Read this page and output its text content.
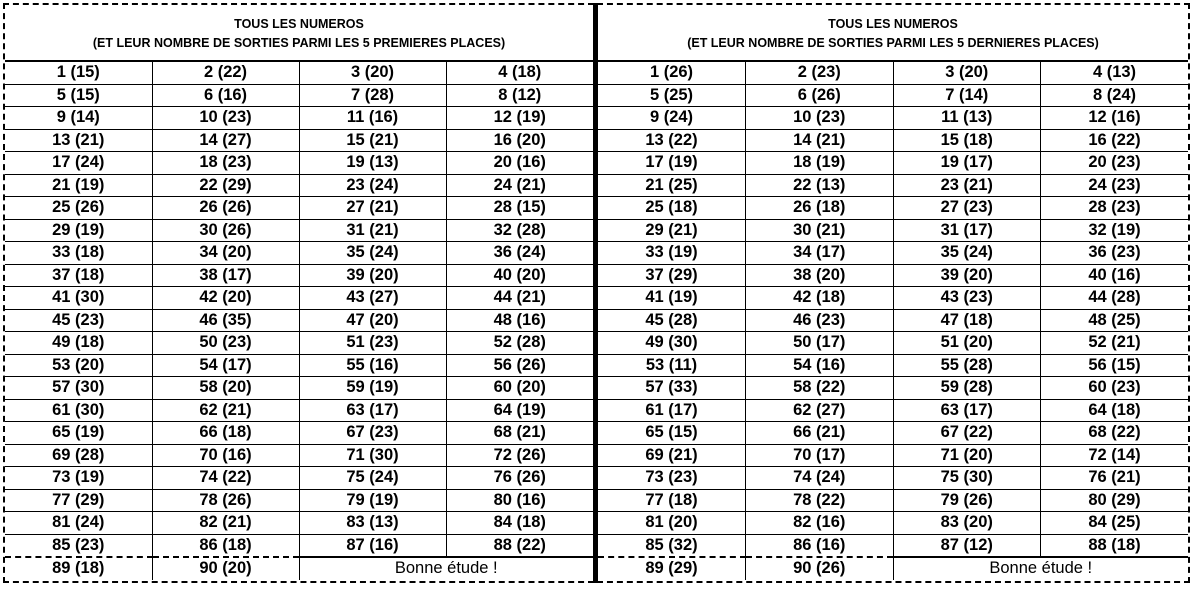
TOUS LES NUMEROS
(ET LEUR NOMBRE DE SORTIES PARMI LES 5 PREMIERES PLACES)
1 (15)	2 (22)	3 (20)	4 (18)
5 (15)	6 (16)	7 (28)	8 (12)
9 (14)	10 (23)	11 (16)	12 (19)
13 (21)	14 (27)	15 (21)	16 (20)
17 (24)	18 (23)	19 (13)	20 (16)
21 (19)	22 (29)	23 (24)	24 (21)
25 (26)	26 (26)	27 (21)	28 (15)
29 (19)	30 (26)	31 (21)	32 (28)
33 (18)	34 (20)	35 (24)	36 (24)
37 (18)	38 (17)	39 (20)	40 (20)
41 (30)	42 (20)	43 (27)	44 (21)
45 (23)	46 (35)	47 (20)	48 (16)
49 (18)	50 (23)	51 (23)	52 (28)
53 (20)	54 (17)	55 (16)	56 (26)
57 (30)	58 (20)	59 (19)	60 (20)
61 (30)	62 (21)	63 (17)	64 (19)
65 (19)	66 (18)	67 (23)	68 (21)
69 (28)	70 (16)	71 (30)	72 (26)
73 (19)	74 (22)	75 (24)	76 (26)
77 (29)	78 (26)	79 (19)	80 (16)
81 (24)	82 (21)	83 (13)	84 (18)
85 (23)	86 (18)	87 (16)	88 (22)
89 (18)	90 (20)	Bonne étude !	
TOUS LES NUMEROS
(ET LEUR NOMBRE DE SORTIES PARMI LES 5 DERNIERES PLACES)
1 (26)	2 (23)	3 (20)	4 (13)
5 (25)	6 (26)	7 (14)	8 (24)
9 (24)	10 (23)	11 (13)	12 (16)
13 (22)	14 (21)	15 (18)	16 (22)
17 (19)	18 (19)	19 (17)	20 (23)
21 (25)	22 (13)	23 (21)	24 (23)
25 (18)	26 (18)	27 (23)	28 (23)
29 (21)	30 (21)	31 (17)	32 (19)
33 (19)	34 (17)	35 (24)	36 (23)
37 (29)	38 (20)	39 (20)	40 (16)
41 (19)	42 (18)	43 (23)	44 (28)
45 (28)	46 (23)	47 (18)	48 (25)
49 (30)	50 (17)	51 (20)	52 (21)
53 (11)	54 (16)	55 (28)	56 (15)
57 (33)	58 (22)	59 (28)	60 (23)
61 (17)	62 (27)	63 (17)	64 (18)
65 (15)	66 (21)	67 (22)	68 (22)
69 (21)	70 (17)	71 (20)	72 (14)
73 (23)	74 (24)	75 (30)	76 (21)
77 (18)	78 (22)	79 (26)	80 (29)
81 (20)	82 (16)	83 (20)	84 (25)
85 (32)	86 (16)	87 (12)	88 (18)
89 (29)	90 (26)	Bonne étude !	
